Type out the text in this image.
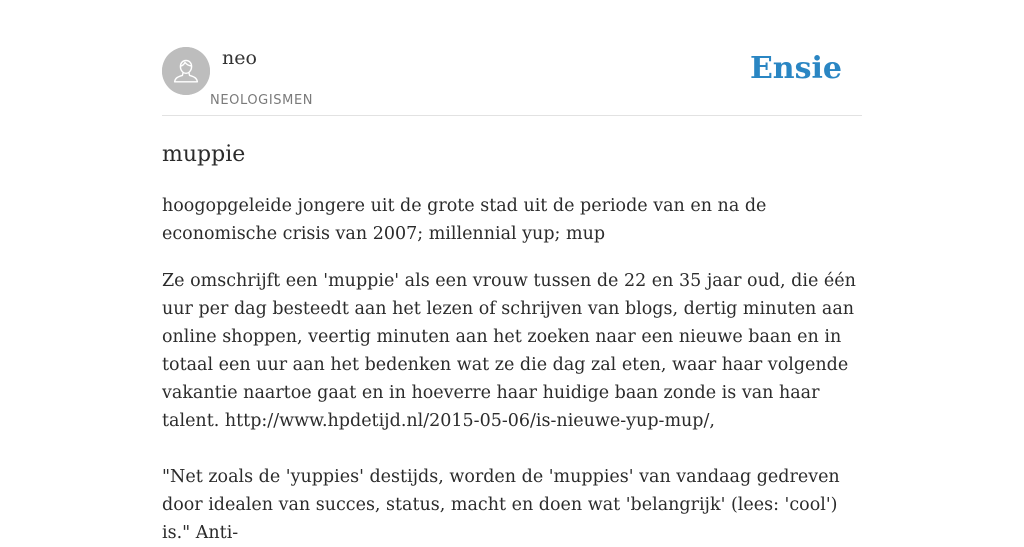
neo
NEOLOGISMEN
Ensie
muppie

hoogopgeleide jongere uit de grote stad uit de periode van en na de economische crisis van 2007; millennial yup; mup

Ze omschrijft een 'muppie' als een vrouw tussen de 22 en 35 jaar oud, die één uur per dag besteedt aan het lezen of schrijven van blogs, dertig minuten aan online shoppen, veertig minuten aan het zoeken naar een nieuwe baan en in totaal een uur aan het bedenken wat ze die dag zal eten, waar haar volgende vakantie naartoe gaat en in hoeverre haar huidige baan zonde is van haar talent. http://www.hpdetijd.nl/2015-05-06/is-nieuwe-yup-mup/,

"Net zoals de 'yuppies' destijds, worden de 'muppies' van vandaag gedreven door idealen van succes, status, macht en doen wat 'belangrijk' (lees: 'cool') is." Anti-
